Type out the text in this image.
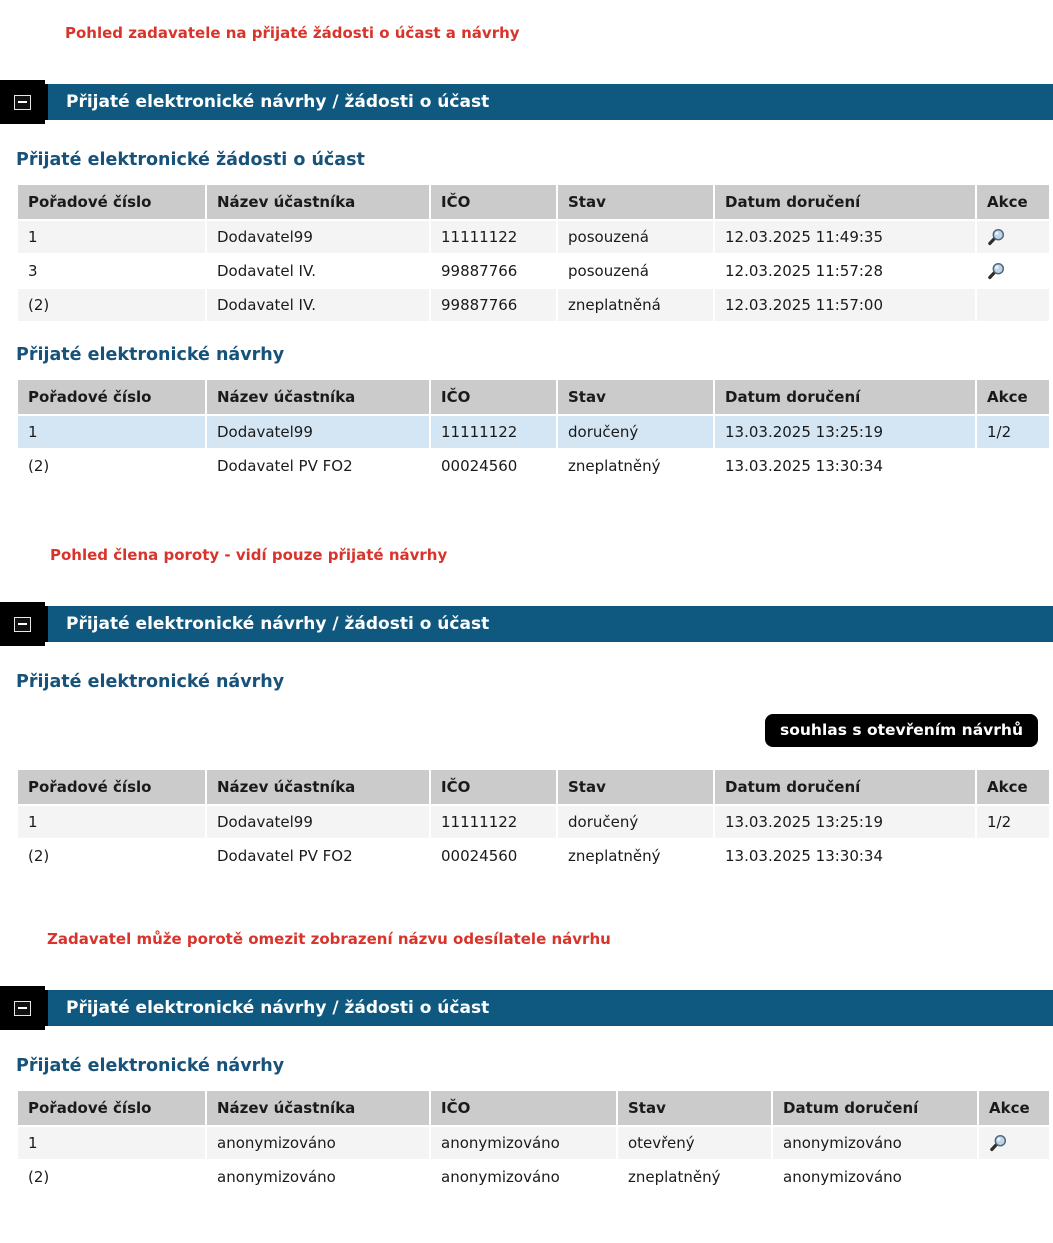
Pohled zadavatele na přijaté žádosti o účast a návrhy
Přijaté elektronické návrhy / žádosti o účast
Přijaté elektronické žádosti o účast
Pořadové číslo	Název účastníka	IČO	Stav	Datum doručení	Akce
1	Dodavatel99	11111122	posouzená	12.03.2025 11:49:35	
3	Dodavatel IV.	99887766	posouzená	12.03.2025 11:57:28	
(2)	Dodavatel IV.	99887766	zneplatněná	12.03.2025 11:57:00	
Přijaté elektronické návrhy
Pořadové číslo	Název účastníka	IČO	Stav	Datum doručení	Akce
1	Dodavatel99	11111122	doručený	13.03.2025 13:25:19	1/2
(2)	Dodavatel PV FO2	00024560	zneplatněný	13.03.2025 13:30:34	
Pohled člena poroty - vidí pouze přijaté návrhy
Přijaté elektronické návrhy / žádosti o účast
Přijaté elektronické návrhy
souhlas s otevřením návrhů
Pořadové číslo	Název účastníka	IČO	Stav	Datum doručení	Akce
1	Dodavatel99	11111122	doručený	13.03.2025 13:25:19	1/2
(2)	Dodavatel PV FO2	00024560	zneplatněný	13.03.2025 13:30:34	
Zadavatel může porotě omezit zobrazení názvu odesílatele návrhu
Přijaté elektronické návrhy / žádosti o účast
Přijaté elektronické návrhy
Pořadové číslo	Název účastníka	IČO	Stav	Datum doručení	Akce
1	anonymizováno	anonymizováno	otevřený	anonymizováno	
(2)	anonymizováno	anonymizováno	zneplatněný	anonymizováno	
